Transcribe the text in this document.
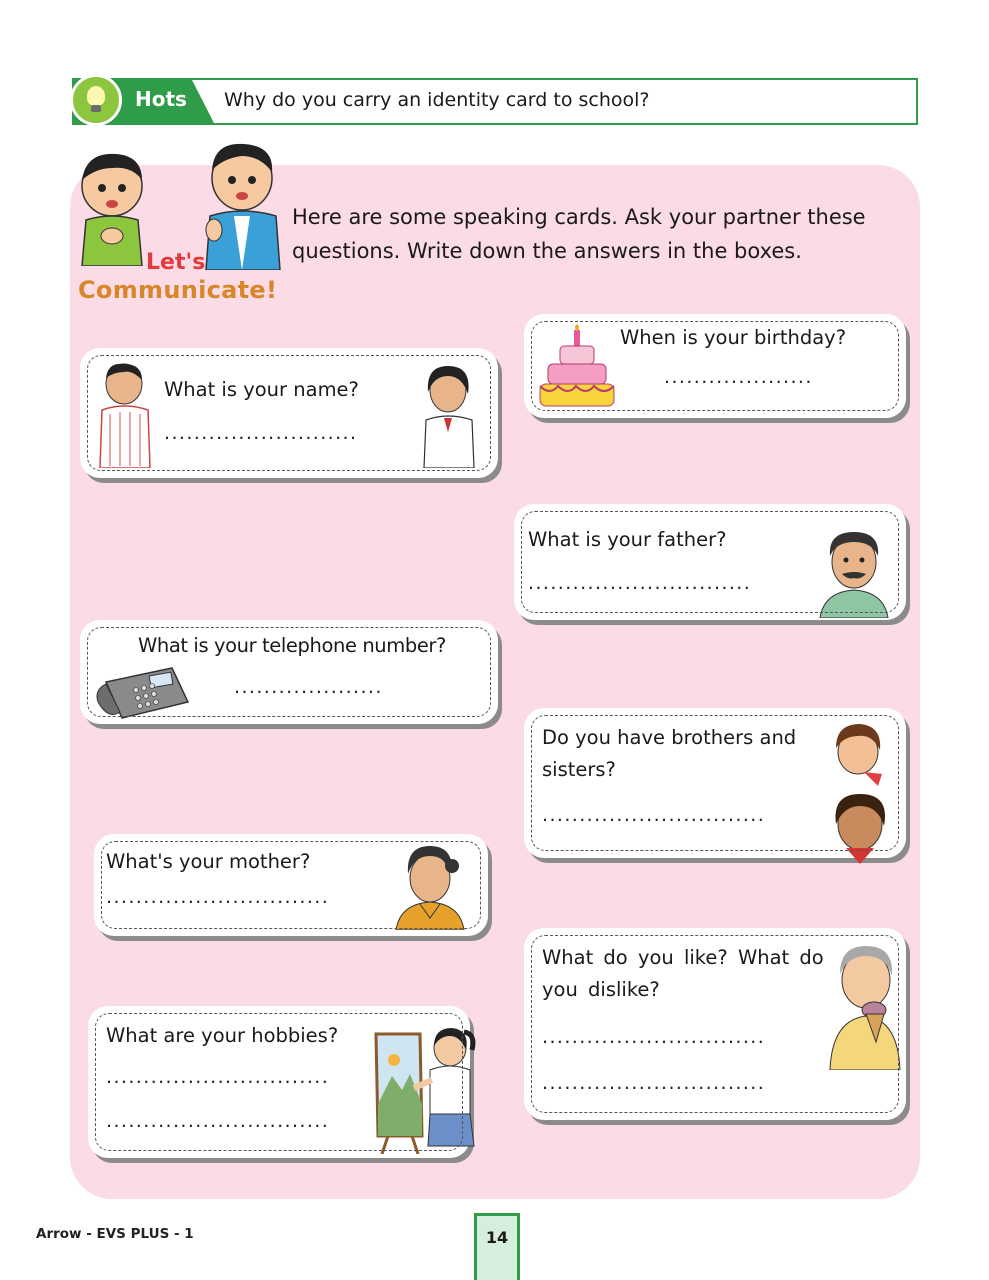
Hots Why do you carry an identity card to school?
Let's
Communicate!
Here are some speaking cards. Ask your partner these questions. Write down the answers in the boxes.
What is your name?
..........................
When is your birthday?
....................
What is your father?
..............................
What is your telephone number?
....................
Do you have brothers and sisters?
..............................
What's your mother?
..............................
What do you like? What do you dislike?
..............................
..............................
What are your hobbies?
..............................
..............................
Arrow - EVS PLUS - 1	14
